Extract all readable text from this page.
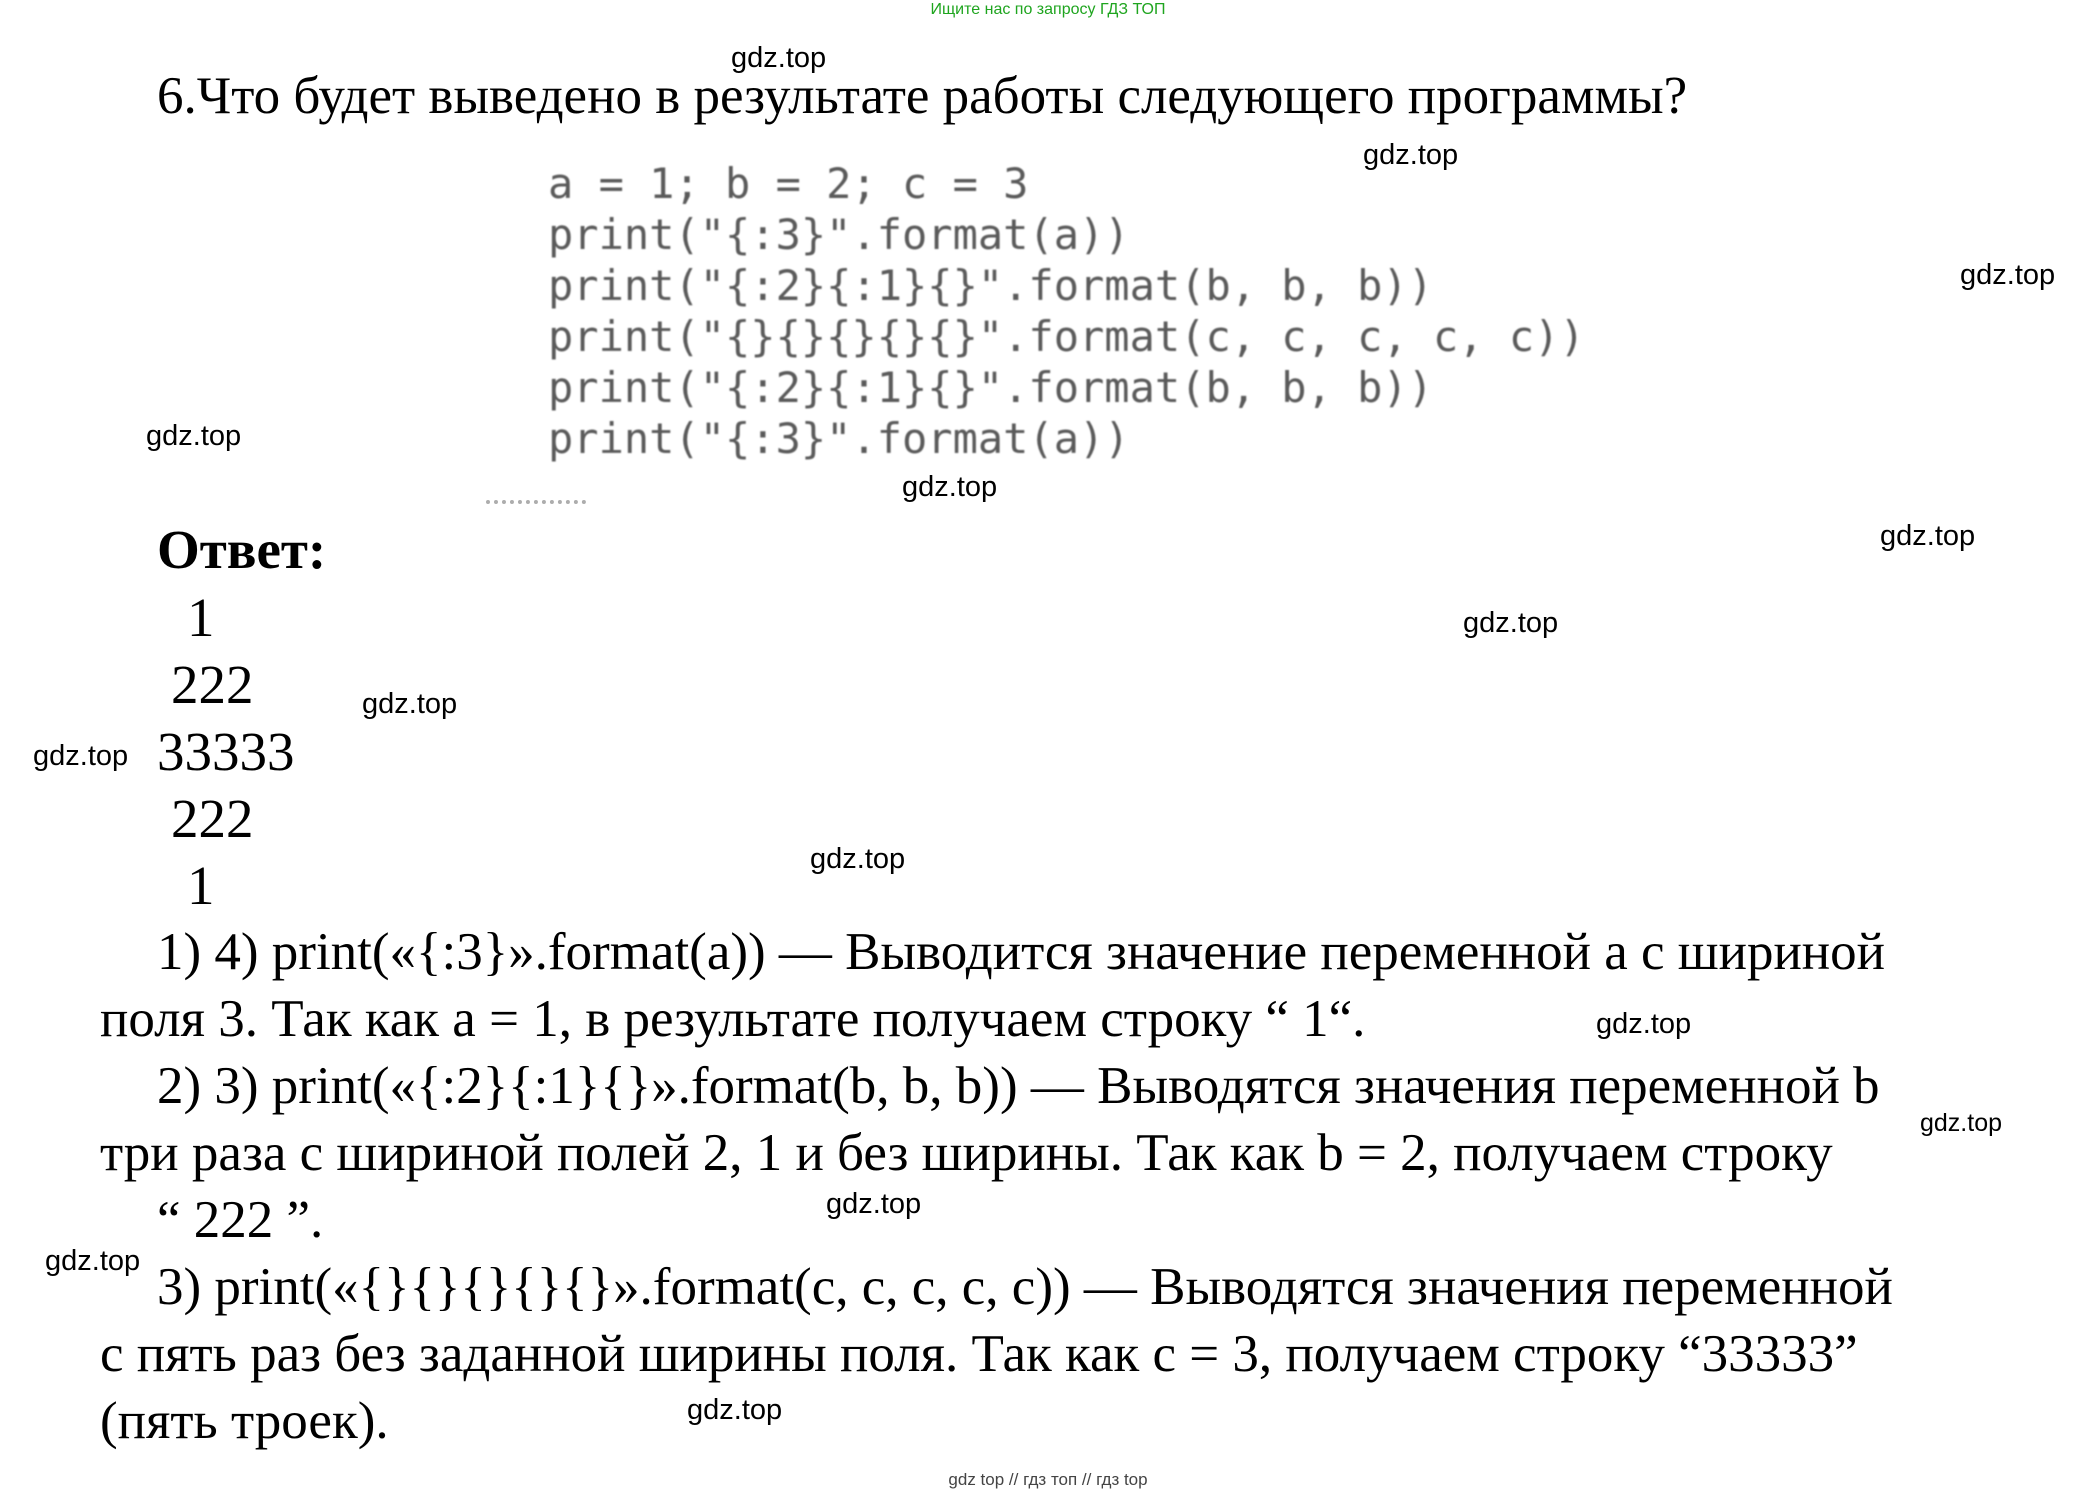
Ищите нас по запросу ГДЗ ТОП
6.Что будет выведено в результате работы следующего программы?
a = 1; b = 2; c = 3
print("{:3}".format(a))
print("{:2}{:1}{}".format(b, b, b))
print("{}{}{}{}{}".format(c, c, c, c, c))
print("{:2}{:1}{}".format(b, b, b))
print("{:3}".format(a))
Ответ:
1
222
33333
222
1
1) 4) print(«{:3}».format(a)) — Выводится значение переменной a с шириной
поля 3. Так как a = 1, в результате получаем строку “ 1“.
2) 3) print(«{:2}{:1}{}».format(b, b, b)) — Выводятся значения переменной b
три раза с шириной полей 2, 1 и без ширины. Так как b = 2, получаем строку
“ 222 ”.
3) print(«{}{}{}{}{}».format(c, c, c, c, c)) — Выводятся значения переменной
c пять раз без заданной ширины поля. Так как c = 3, получаем строку “33333”
(пять троек).
gdz.top
gdz.top
gdz.top
gdz.top
gdz.top
gdz.top
gdz.top
gdz.top
gdz.top
gdz.top
gdz.top
gdz.top
gdz.top
gdz.top
gdz.top
gdz top // гдз топ // гдз top
